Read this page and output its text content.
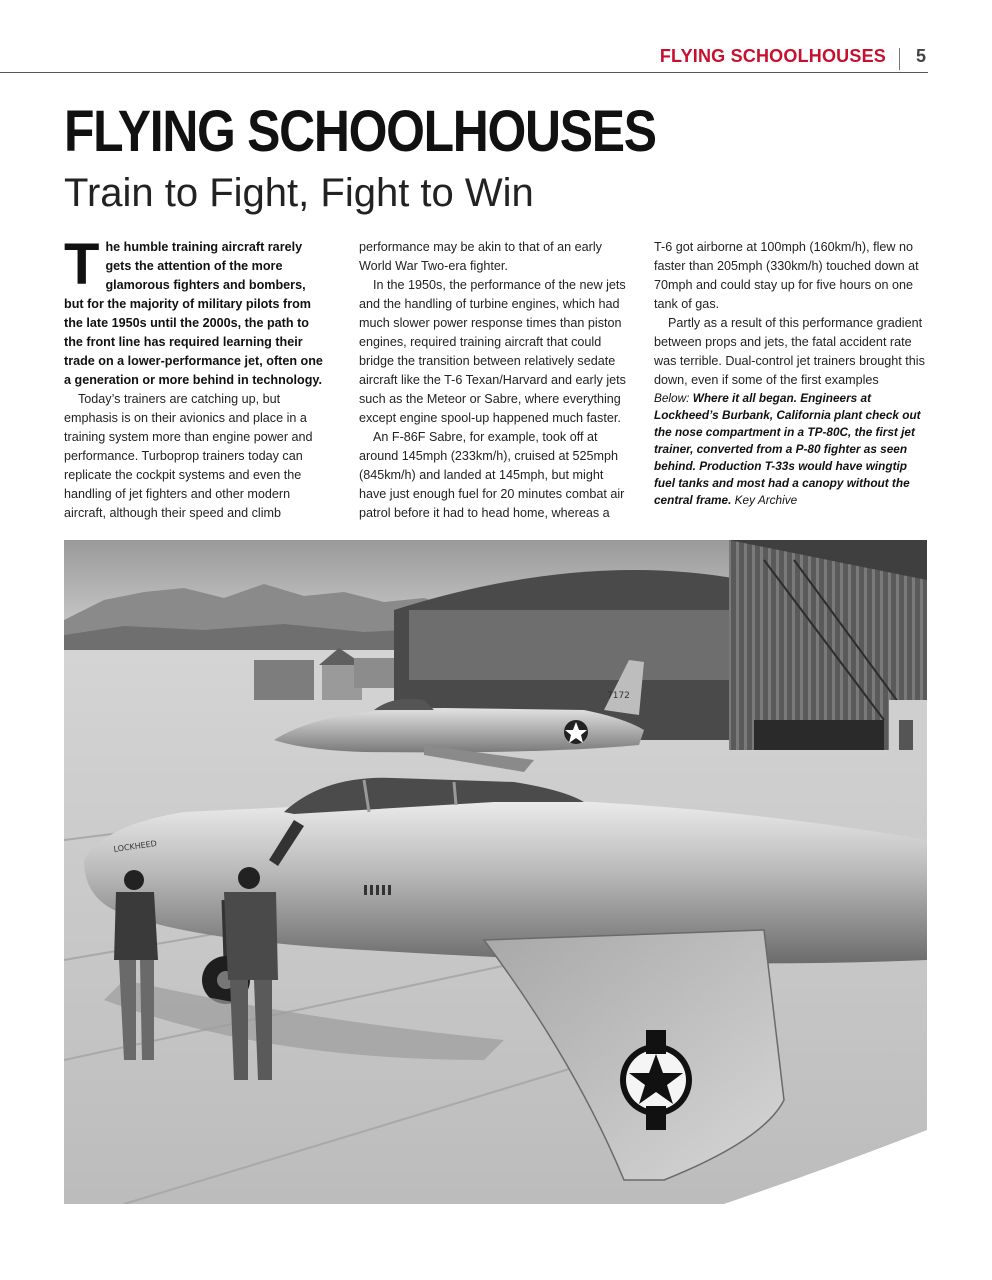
FLYING SCHOOLHOUSES 5
FLYING SCHOOLHOUSES
Train to Fight, Fight to Win

The humble training aircraft rarely gets the attention of the more glamorous fighters and bombers, but for the majority of military pilots from the late 1950s until the 2000s, the path to the front line has required learning their trade on a lower-performance jet, often one a generation or more behind in technology.

Today’s trainers are catching up, but emphasis is on their avionics and place in a training system more than engine power and performance. Turboprop trainers today can replicate the cockpit systems and even the handling of jet fighters and other modern aircraft, although their speed and climb

performance may be akin to that of an early World War Two-era fighter.

In the 1950s, the performance of the new jets and the handling of turbine engines, which had much slower power response times than piston engines, required training aircraft that could bridge the transition between relatively sedate aircraft like the T-6 Texan/Harvard and early jets such as the Meteor or Sabre, where everything except engine spool-up happened much faster.

An F-86F Sabre, for example, took off at around 145mph (233km/h), cruised at 525mph (845km/h) and landed at 145mph, but might have just enough fuel for 20 minutes combat air patrol before it had to head home, whereas a

T-6 got airborne at 100mph (160km/h), flew no faster than 205mph (330km/h) touched down at 70mph and could stay up for five hours on one tank of gas.

Partly as a result of this performance gradient between props and jets, the fatal accident rate was terrible. Dual-control jet trainers brought this down, even if some of the first examples

Below: Where it all began. Engineers at Lockheed’s Burbank, California plant check out the nose compartment in a TP-80C, the first jet trainer, converted from a P-80 fighter as seen behind. Production T-33s would have wingtip fuel tanks and most had a canopy without the central frame. Key Archive

7172
LOCKHEED
